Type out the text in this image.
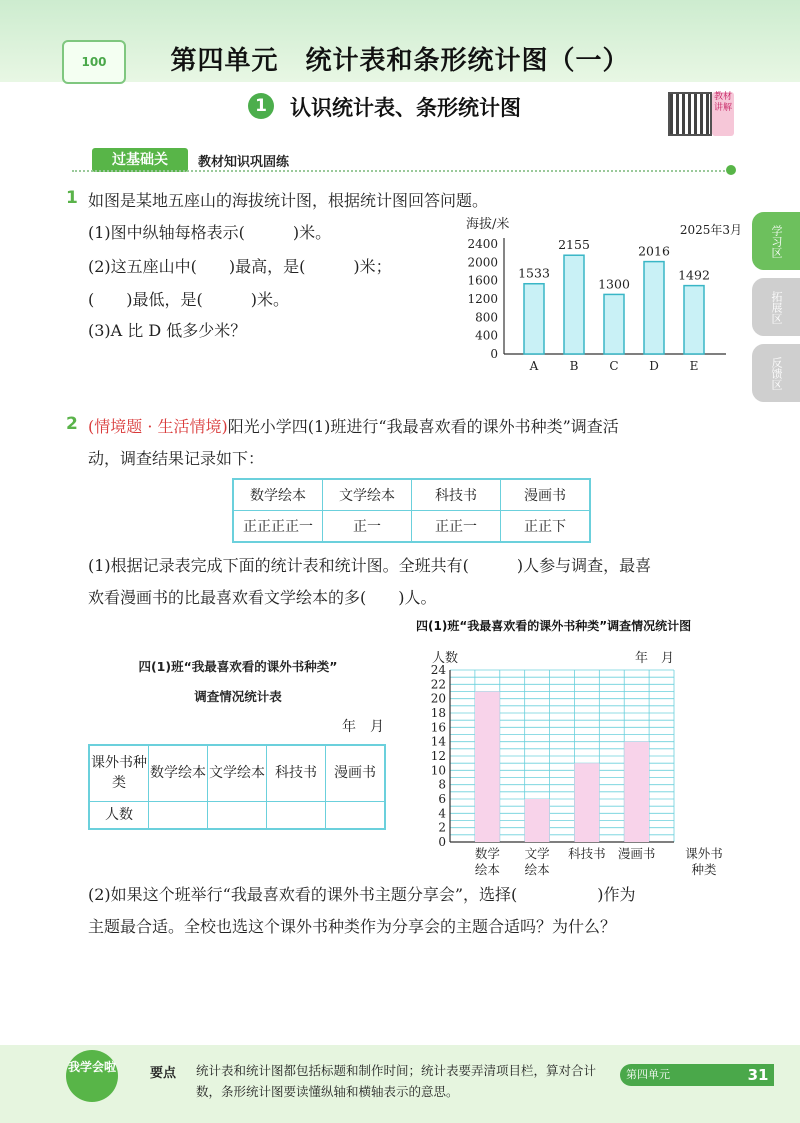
100	第四单元　统计表和条形统计图（一）
1	认识统计表、条形统计图	教材讲解
过基础关	教材知识巩固练
学习区
拓展区
反馈区
1 如图是某地五座山的海拔统计图，根据统计图回答问题。
(1)图中纵轴每格表示(　　　)米。
(2)这五座山中(　　)最高，是(　　　)米；
(　　)最低，是(　　　)米。
(3)A 比 D 低多少米？
海拔/米	2025年3月
0
400
800
1200
1600
2000
2400
1533
A
2155
B
1300
C
2016
D
1492
E
2 (情境题 · 生活情境)阳光小学四(1)班进行“我最喜欢看的课外书种类”调查活
动，调查结果记录如下：
数学绘本	文学绘本	科技书	漫画书
正正正正一	正一	正正一	正正下
(1)根据记录表完成下面的统计表和统计图。全班共有(　　　)人参与调查，最喜
欢看漫画书的比最喜欢看文学绘本的多(　　)人。
四(1)班“我最喜欢看的课外书种类”
调查情况统计表
年　月
课外书种类	数学绘本	文学绘本	科技书	漫画书
人数				
四(1)班“我最喜欢看的课外书种类”调查情况统计图
人数	年　月
0
2
4
6
8
10
12
14
16
18
20
22
24
数学
绘本
文学
绘本
科技书 漫画书 课外书
种类
(2)如果这个班举行“我最喜欢看的课外书主题分享会”，选择(　　　　　)作为
主题最合适。全校也选这个课外书种类作为分享会的主题合适吗？为什么？
我学会啦	要点 统计表和统计图都包括标题和制作时间；统计表要弄清项目栏，算对合计数，条形统计图要读懂纵轴和横轴表示的意思。
第四单元	31
